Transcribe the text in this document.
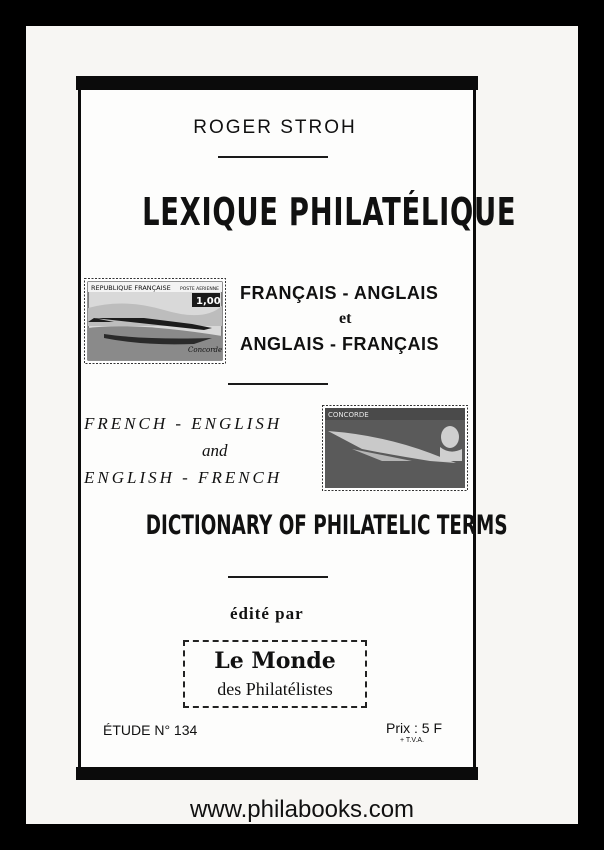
ROGER STROH
LEXIQUE PHILATÉLIQUE
REPUBLIQUE FRANÇAISE POSTE AERIENNE
1,00
Concorde
FRANÇAIS - ANGLAIS
et
ANGLAIS - FRANÇAIS
FRENCH - ENGLISH
and
ENGLISH - FRENCH
CONCORDE
DICTIONARY OF PHILATELIC TERMS
édité par
Le Monde
des Philatélistes
ÉTUDE N° 134	Prix : 5 F
+ T.V.A.
www.philabooks.com
